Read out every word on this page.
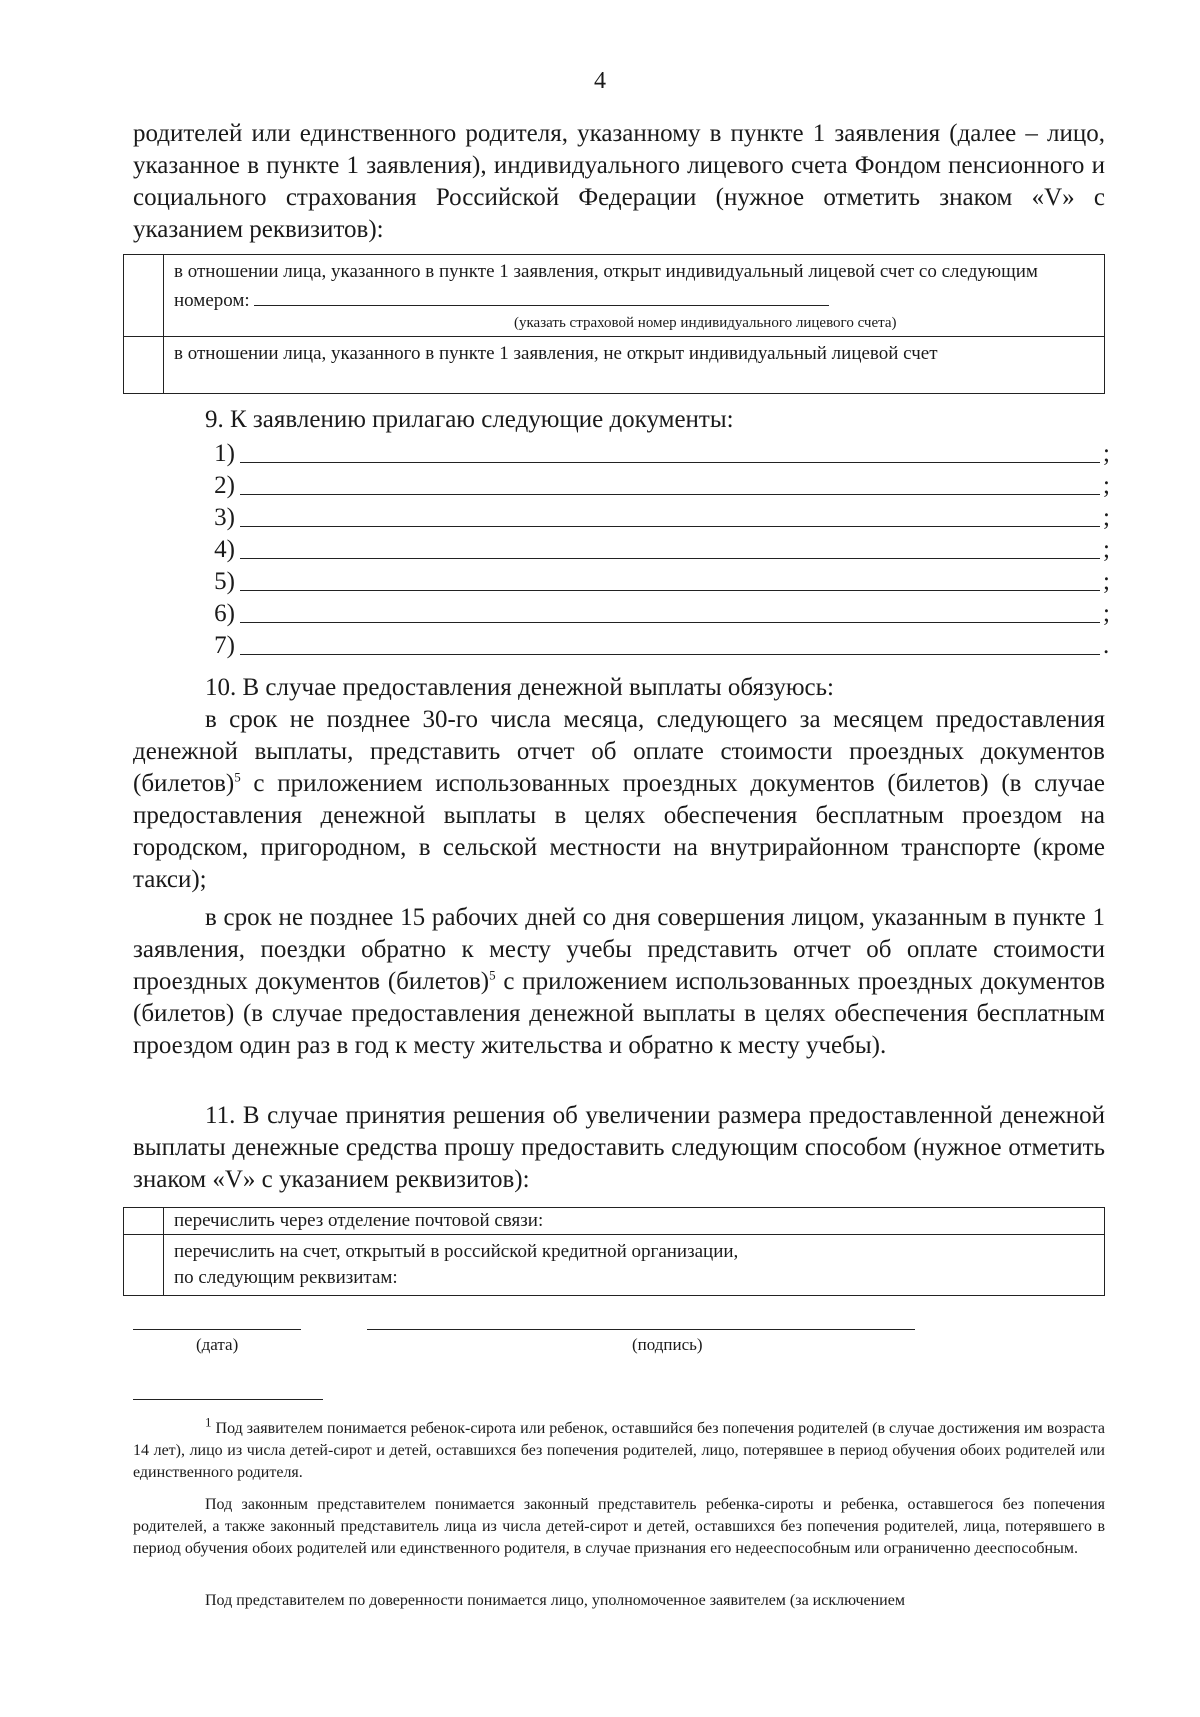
4
родителей или единственного родителя, указанному в пункте 1 заявления (далее – лицо, указанное в пункте 1 заявления), индивидуального лицевого счета Фондом пенсионного и социального страхования Российской Федерации (нужное отметить знаком «V» с указанием реквизитов):
	в отношении лица, указанного в пункте 1 заявления, открыт индивидуальный лицевой счет со следующим номером:
(указать страховой номер индивидуального лицевого счета)

	в отношении лица, указанного в пункте 1 заявления, не открыт индивидуальный лицевой счет
9. К заявлению прилагаю следующие документы:
1)	;
2)	;
3)	;
4)	;
5)	;
6)	;
7)	.
10. В случае предоставления денежной выплаты обязуюсь:
в срок не позднее 30-го числа месяца, следующего за месяцем предоставления денежной выплаты, представить отчет об оплате стоимости проездных документов (билетов)$^5$ с приложением использованных проездных документов (билетов) (в случае предоставления денежной выплаты в целях обеспечения бесплатным проездом на городском, пригородном, в сельской местности на внутрирайонном транспорте (кроме такси);
в срок не позднее 15 рабочих дней со дня совершения лицом, указанным в пункте 1 заявления, поездки обратно к месту учебы представить отчет об оплате стоимости проездных документов (билетов)$^5$ с приложением использованных проездных документов (билетов) (в случае предоставления денежной выплаты в целях обеспечения бесплатным проездом один раз в год к месту жительства и обратно к месту учебы).
11. В случае принятия решения об увеличении размера предоставленной денежной выплаты денежные средства прошу предоставить следующим способом (нужное отметить знаком «V» с указанием реквизитов):
	перечислить через отделение почтовой связи:

	перечислить на счет, открытый в российской кредитной организации,
по следующим реквизитам:
(дата)	(подпись)
$^1$ Под заявителем понимается ребенок-сирота или ребенок, оставшийся без попечения родителей (в случае достижения им возраста 14 лет), лицо из числа детей-сирот и детей, оставшихся без попечения родителей, лицо, потерявшее в период обучения обоих родителей или единственного родителя.
Под законным представителем понимается законный представитель ребенка-сироты и ребенка, оставшегося без попечения родителей, а также законный представитель лица из числа детей-сирот и детей, оставшихся без попечения родителей, лица, потерявшего в период обучения обоих родителей или единственного родителя, в случае признания его недееспособным или ограниченно дееспособным.
Под представителем по доверенности понимается лицо, уполномоченное заявителем (за исключением
